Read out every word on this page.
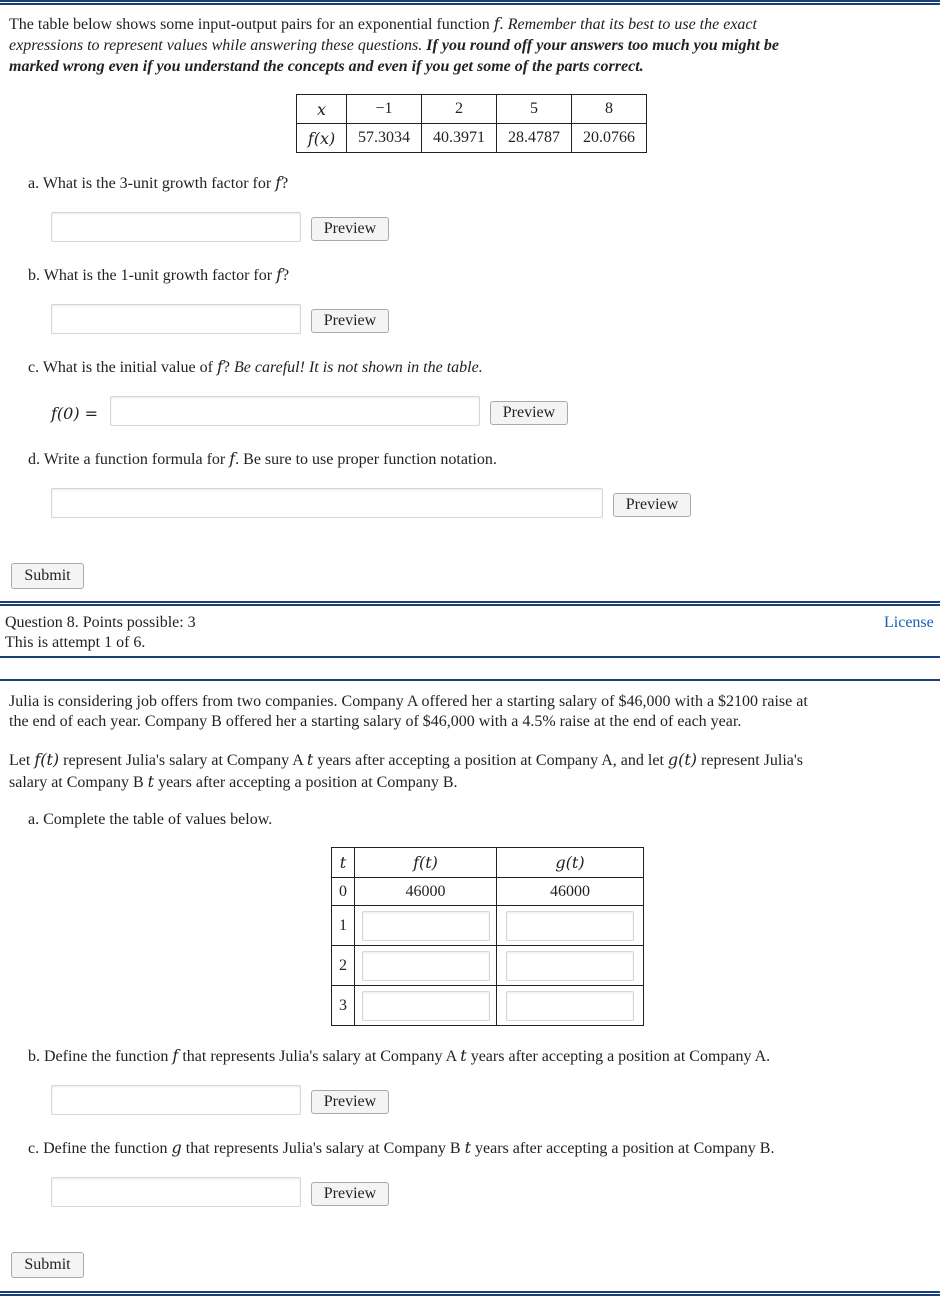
The table below shows some input-output pairs for an exponential function f. Remember that its best to use the exact
expressions to represent values while answering these questions. If you round off your answers too much you might be
marked wrong even if you understand the concepts and even if you get some of the parts correct.
x	−1	2	5	8
f(x)	57.3034	40.3971	28.4787	20.0766
a. What is the 3-unit growth factor for f?
Preview
b. What is the 1-unit growth factor for f?
Preview
c. What is the initial value of f? Be careful! It is not shown in the table.
f(0) =	Preview
d. Write a function formula for f. Be sure to use proper function notation.
Preview
Submit
Question 8. Points possible: 3
This is attempt 1 of 6.
License
Julia is considering job offers from two companies. Company A offered her a starting salary of $46,000 with a $2100 raise at
the end of each year. Company B offered her a starting salary of $46,000 with a 4.5% raise at the end of each year.
Let f(t) represent Julia's salary at Company A t years after accepting a position at Company A, and let g(t) represent Julia's
salary at Company B t years after accepting a position at Company B.
a. Complete the table of values below.
t	f(t)	g(t)
0	46000	46000
1		
2		
3		
b. Define the function f that represents Julia's salary at Company A t years after accepting a position at Company A.
Preview
c. Define the function g that represents Julia's salary at Company B t years after accepting a position at Company B.
Preview
Submit
